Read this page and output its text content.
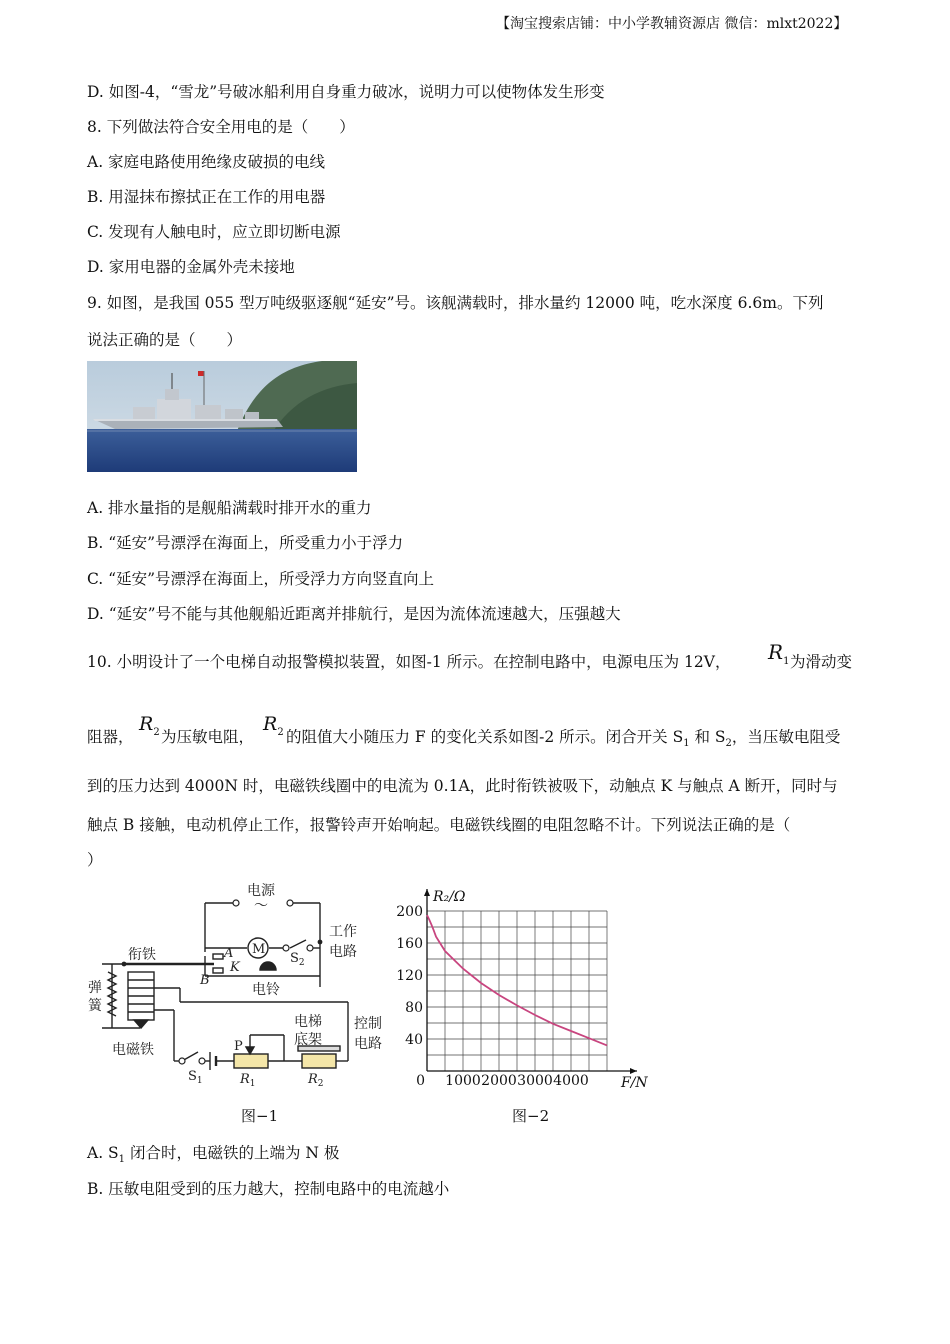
【淘宝搜索店铺：中小学教辅资源店 微信：mlxt2022】
D. 如图-4，“雪龙”号破冰船利用自身重力破冰，说明力可以使物体发生形变
8. 下列做法符合安全用电的是（　　）
A. 家庭电路使用绝缘皮破损的电线
B. 用湿抹布擦拭正在工作的用电器
C. 发现有人触电时，应立即切断电源
D. 家用电器的金属外壳未接地
9. 如图，是我国 055 型万吨级驱逐舰“延安”号。该舰满载时，排水量约 12000 吨，吃水深度 6.6m。下列
说法正确的是（　　）
A. 排水量指的是舰船满载时排开水的重力
B. “延安”号漂浮在海面上，所受重力小于浮力
C. “延安”号漂浮在海面上，所受浮力方向竖直向上
D. “延安”号不能与其他舰船近距离并排航行，是因为流体流速越大，压强越大
10. 小明设计了一个电梯自动报警模拟装置，如图-1 所示。在控制电路中，电源电压为 12V， $R_1$ 为滑动变
阻器，
$R_2$ 为压敏电阻，
$R_2$ 的阻值大小随压力 F 的变化关系如图-2 所示。闭合开关 $S_1$ 和 $S_2$，当压敏电阻受
到的压力达到 4000N 时，电磁铁线圈中的电流为 0.1A，此时衔铁被吸下，动触点 K 与触点 A 断开，同时与
触点 B 接触，电动机停止工作，报警铃声开始响起。电磁铁线圈的电阻忽略不计。下列说法正确的是（
）
电源
～
衔铁
弹
簧
工作
电路
电铃
电磁铁
电梯
底架
控制
电路
M
A
K
B
$S_2$
P
$S_1$	$R_1$	$R_2$
图−1
40
80
120
160
200
1000 2000 3000 4000
0
R₂/Ω
F/N
图−2
A. $S_1$ 闭合时，电磁铁的上端为 N 极
B. 压敏电阻受到的压力越大，控制电路中的电流越小
